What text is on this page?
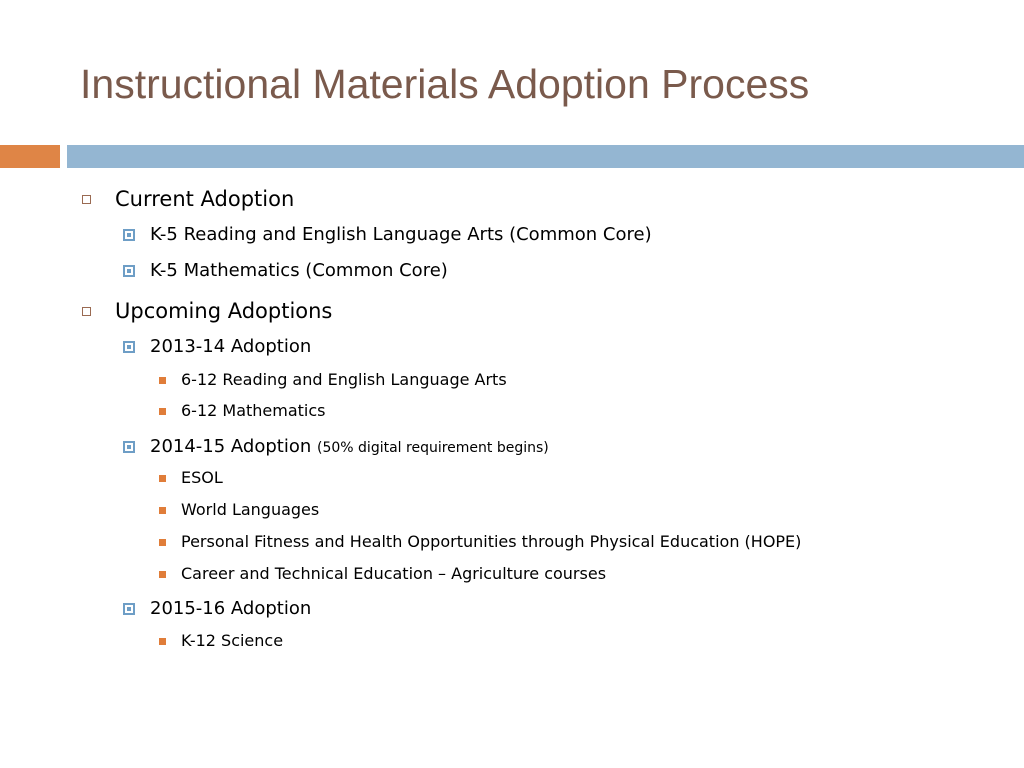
Instructional Materials Adoption Process
Current Adoption
K-5 Reading and English Language Arts (Common Core)
K-5 Mathematics (Common Core)
Upcoming Adoptions
2013-14 Adoption
6-12 Reading and English Language Arts
6-12 Mathematics
2014-15 Adoption (50% digital requirement begins)
ESOL
World Languages
Personal Fitness and Health Opportunities through Physical Education (HOPE)
Career and Technical Education – Agriculture courses
2015-16 Adoption
K-12 Science
